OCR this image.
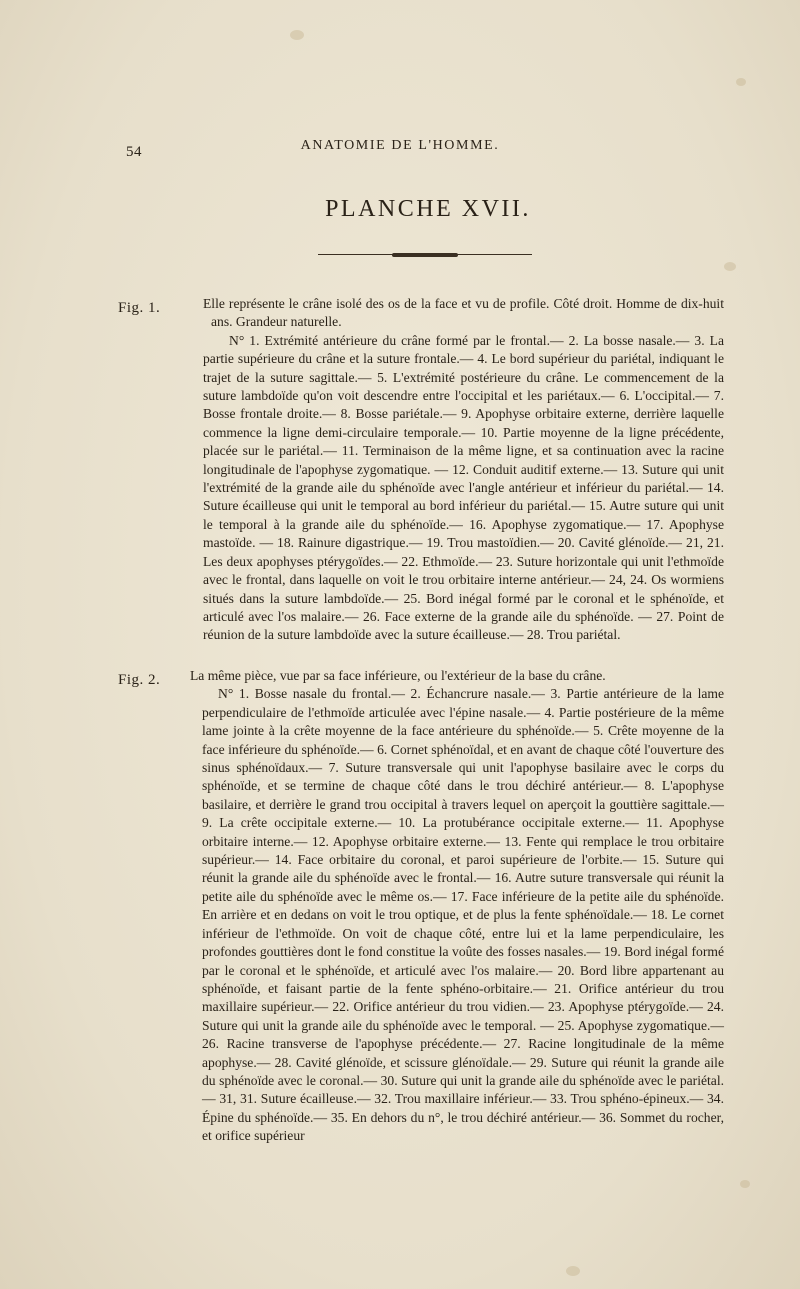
54	ANATOMIE DE L'HOMME.
PLANCHE XVII.
Fig. 1.	Elle représente le crâne isolé des os de la face et vu de profile. Côté droit. Homme de dix-huit ans. Grandeur naturelle.

N° 1. Extrémité antérieure du crâne formé par le frontal.— 2. La bosse nasale.— 3. La partie supérieure du crâne et la suture frontale.— 4. Le bord supérieur du pariétal, indiquant le trajet de la suture sagittale.— 5. L'extrémité postérieure du crâne. Le commencement de la suture lambdoïde qu'on voit descendre entre l'occipital et les pariétaux.— 6. L'occipital.— 7. Bosse frontale droite.— 8. Bosse pariétale.— 9. Apophyse orbitaire externe, derrière laquelle commence la ligne demi-circulaire temporale.— 10. Partie moyenne de la ligne précédente, placée sur le pariétal.— 11. Terminaison de la même ligne, et sa continuation avec la racine longitudinale de l'apophyse zygomatique. — 12. Conduit auditif externe.— 13. Suture qui unit l'extrémité de la grande aile du sphénoïde avec l'angle antérieur et inférieur du pariétal.— 14. Suture écailleuse qui unit le temporal au bord inférieur du pariétal.— 15. Autre suture qui unit le temporal à la grande aile du sphénoïde.— 16. Apophyse zygomatique.— 17. Apophyse mastoïde. — 18. Rainure digastrique.— 19. Trou mastoïdien.— 20. Cavité glénoïde.— 21, 21. Les deux apophyses ptérygoïdes.— 22. Ethmoïde.— 23. Suture horizontale qui unit l'ethmoïde avec le frontal, dans laquelle on voit le trou orbitaire interne antérieur.— 24, 24. Os wormiens situés dans la suture lambdoïde.— 25. Bord inégal formé par le coronal et le sphénoïde, et articulé avec l'os malaire.— 26. Face externe de la grande aile du sphénoïde. — 27. Point de réunion de la suture lambdoïde avec la suture écailleuse.— 28. Trou pariétal.

Fig. 2. La même pièce, vue par sa face inférieure, ou l'extérieur de la base du crâne.

N° 1. Bosse nasale du frontal.— 2. Échancrure nasale.— 3. Partie antérieure de la lame perpendiculaire de l'ethmoïde articulée avec l'épine nasale.— 4. Partie postérieure de la même lame jointe à la crête moyenne de la face antérieure du sphénoïde.— 5. Crête moyenne de la face inférieure du sphénoïde.— 6. Cornet sphénoïdal, et en avant de chaque côté l'ouverture des sinus sphénoïdaux.— 7. Suture transversale qui unit l'apophyse basilaire avec le corps du sphénoïde, et se termine de chaque côté dans le trou déchiré antérieur.— 8. L'apophyse basilaire, et derrière le grand trou occipital à travers lequel on aperçoit la gouttière sagittale.— 9. La crête occipitale externe.— 10. La protubérance occipitale externe.— 11. Apophyse orbitaire interne.— 12. Apophyse orbitaire externe.— 13. Fente qui remplace le trou orbitaire supérieur.— 14. Face orbitaire du coronal, et paroi supérieure de l'orbite.— 15. Suture qui réunit la grande aile du sphénoïde avec le frontal.— 16. Autre suture transversale qui réunit la petite aile du sphénoïde avec le même os.— 17. Face inférieure de la petite aile du sphénoïde. En arrière et en dedans on voit le trou optique, et de plus la fente sphénoïdale.— 18. Le cornet inférieur de l'ethmoïde. On voit de chaque côté, entre lui et la lame perpendiculaire, les profondes gouttières dont le fond constitue la voûte des fosses nasales.— 19. Bord inégal formé par le coronal et le sphénoïde, et articulé avec l'os malaire.— 20. Bord libre appartenant au sphénoïde, et faisant partie de la fente sphéno-orbitaire.— 21. Orifice antérieur du trou maxillaire supérieur.— 22. Orifice antérieur du trou vidien.— 23. Apophyse ptérygoïde.— 24. Suture qui unit la grande aile du sphénoïde avec le temporal. — 25. Apophyse zygomatique.— 26. Racine transverse de l'apophyse précédente.— 27. Racine longitudinale de la même apophyse.— 28. Cavité glénoïde, et scissure glénoïdale.— 29. Suture qui réunit la grande aile du sphénoïde avec le coronal.— 30. Suture qui unit la grande aile du sphénoïde avec le pariétal.— 31, 31. Suture écailleuse.— 32. Trou maxillaire inférieur.— 33. Trou sphéno-épineux.— 34. Épine du sphénoïde.— 35. En dehors du n°, le trou déchiré antérieur.— 36. Sommet du rocher, et orifice supérieur
